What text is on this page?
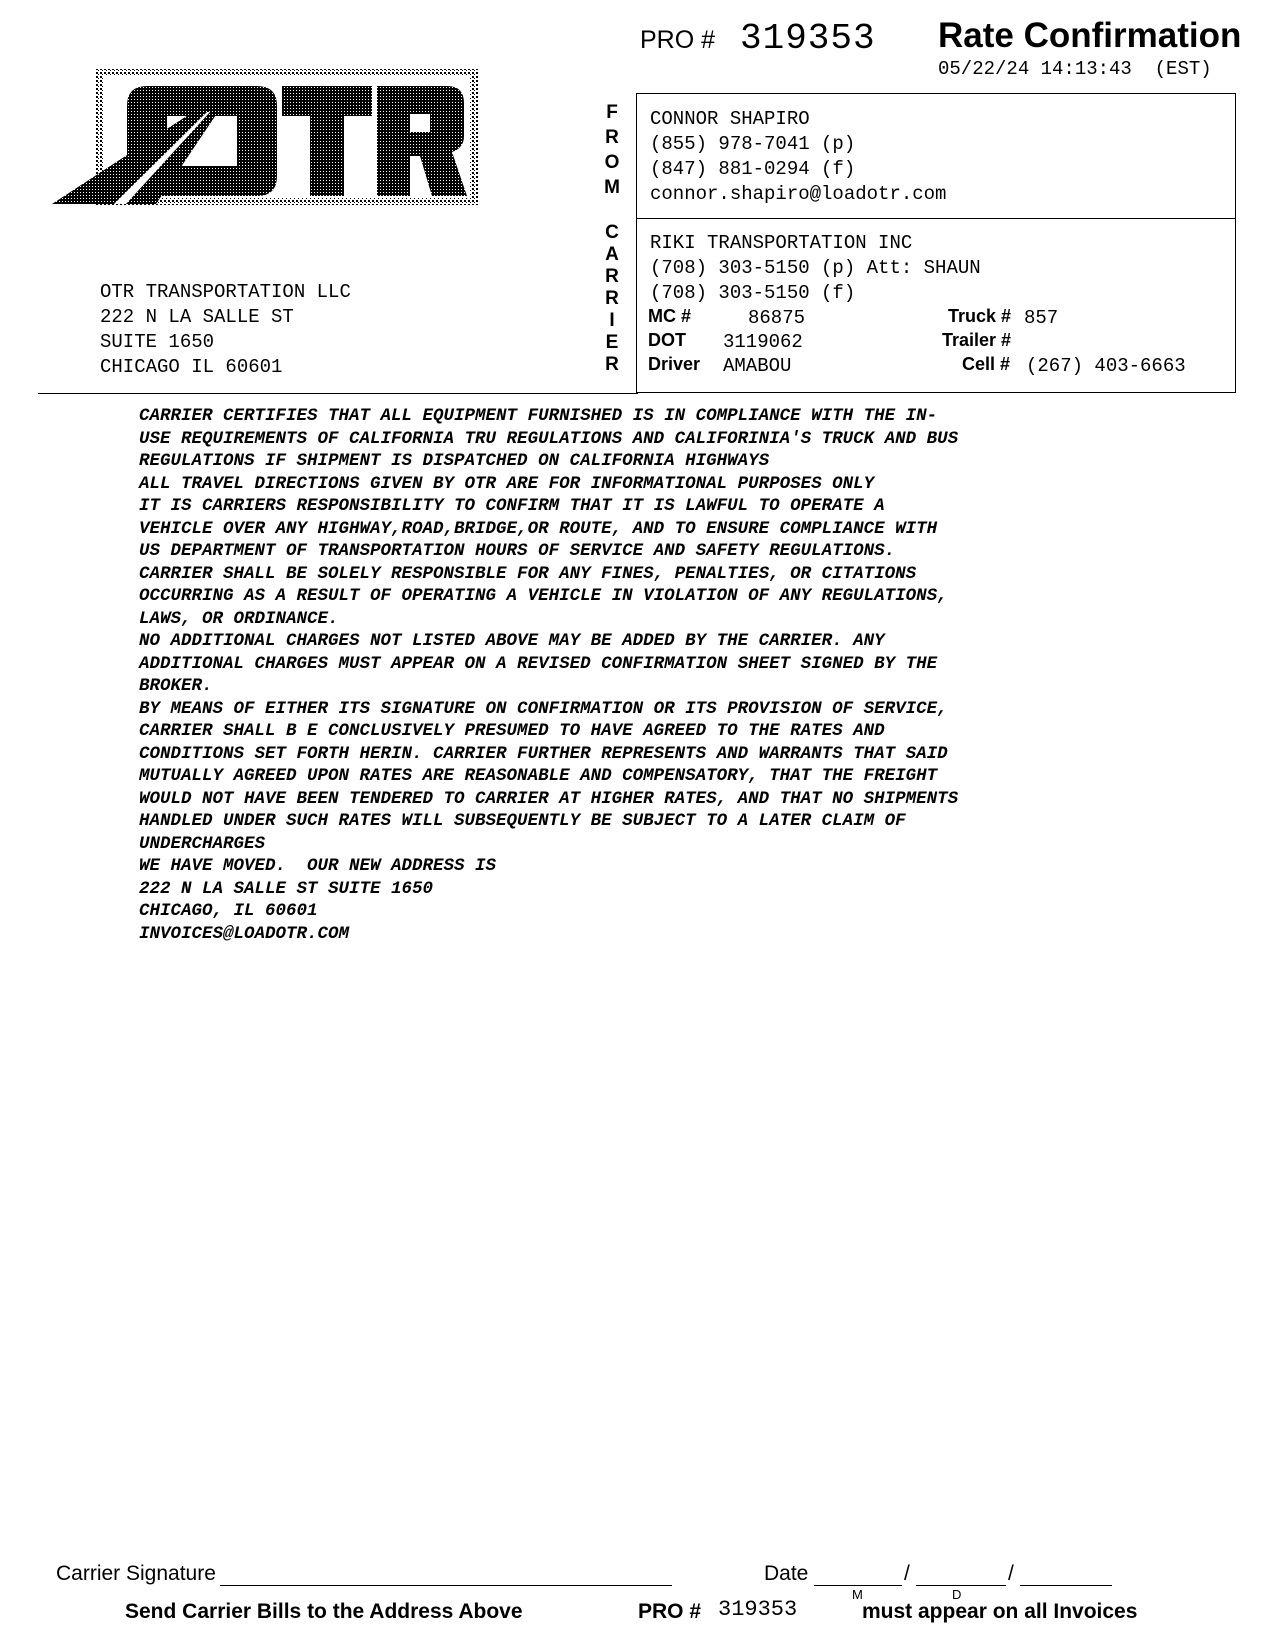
PRO # 319353 Rate Confirmation
05/22/24 14:13:43 (EST)
OTR TRANSPORTATION LLC
222 N LA SALLE ST
SUITE 1650
CHICAGO IL 60601
F
R
O
M
C
A
R
R
I
E
R
CONNOR SHAPIRO
(855) 978-7041 (p)
(847) 881-0294 (f)
connor.shapiro@loadotr.com
RIKI TRANSPORTATION INC
(708) 303-5150 (p) Att: SHAUN
(708) 303-5150 (f)
MC #	86875	Truck # 857
DOT 3119062	Trailer #
Driver AMABOU	Cell # (267) 403-6663
CARRIER CERTIFIES THAT ALL EQUIPMENT FURNISHED IS IN COMPLIANCE WITH THE IN-
USE REQUIREMENTS OF CALIFORNIA TRU REGULATIONS AND CALIFORINIA'S TRUCK AND BUS
REGULATIONS IF SHIPMENT IS DISPATCHED ON CALIFORNIA HIGHWAYS
ALL TRAVEL DIRECTIONS GIVEN BY OTR ARE FOR INFORMATIONAL PURPOSES ONLY
IT IS CARRIERS RESPONSIBILITY TO CONFIRM THAT IT IS LAWFUL TO OPERATE A
VEHICLE OVER ANY HIGHWAY,ROAD,BRIDGE,OR ROUTE, AND TO ENSURE COMPLIANCE WITH
US DEPARTMENT OF TRANSPORTATION HOURS OF SERVICE AND SAFETY REGULATIONS.
CARRIER SHALL BE SOLELY RESPONSIBLE FOR ANY FINES, PENALTIES, OR CITATIONS
OCCURRING AS A RESULT OF OPERATING A VEHICLE IN VIOLATION OF ANY REGULATIONS,
LAWS, OR ORDINANCE.
NO ADDITIONAL CHARGES NOT LISTED ABOVE MAY BE ADDED BY THE CARRIER. ANY
ADDITIONAL CHARGES MUST APPEAR ON A REVISED CONFIRMATION SHEET SIGNED BY THE
BROKER.
BY MEANS OF EITHER ITS SIGNATURE ON CONFIRMATION OR ITS PROVISION OF SERVICE,
CARRIER SHALL B E CONCLUSIVELY PRESUMED TO HAVE AGREED TO THE RATES AND
CONDITIONS SET FORTH HERIN. CARRIER FURTHER REPRESENTS AND WARRANTS THAT SAID
MUTUALLY AGREED UPON RATES ARE REASONABLE AND COMPENSATORY, THAT THE FREIGHT
WOULD NOT HAVE BEEN TENDERED TO CARRIER AT HIGHER RATES, AND THAT NO SHIPMENTS
HANDLED UNDER SUCH RATES WILL SUBSEQUENTLY BE SUBJECT TO A LATER CLAIM OF
UNDERCHARGES
WE HAVE MOVED.  OUR NEW ADDRESS IS
222 N LA SALLE ST SUITE 1650
CHICAGO, IL 60601
INVOICES@LOADOTR.COM
Carrier Signature	Date	/	/
M	D
Send Carrier Bills to the Address Above	PRO # 319353	must appear on all Invoices
